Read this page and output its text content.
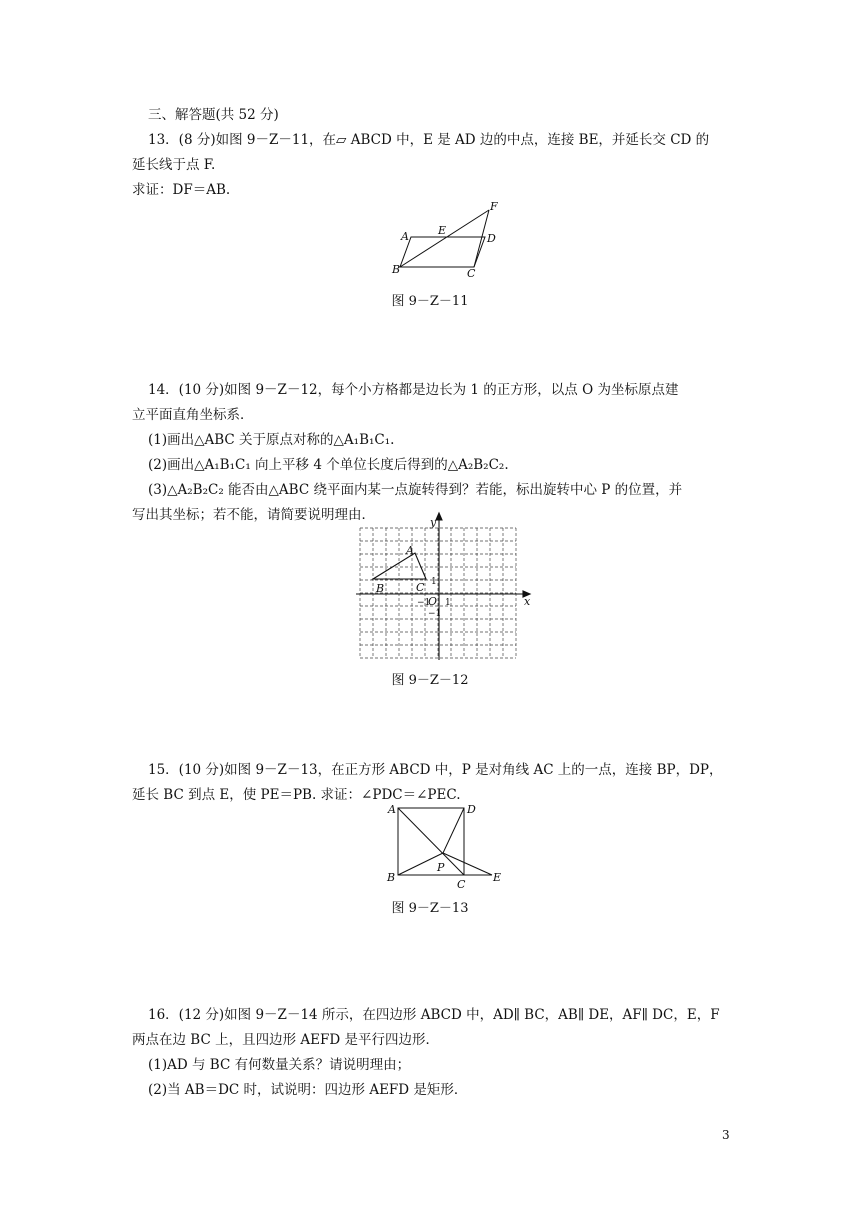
三、解答题(共 52 分)
13．(8 分)如图 9－Z－11，在▱ ABCD 中，E 是 AD 边的中点，连接 BE，并延长交 CD 的
延长线于点 F.
求证：DF＝AB.
A
B	C
D
E
F
图 9－Z－11
14．(10 分)如图 9－Z－12，每个小方格都是边长为 1 的正方形，以点 O 为坐标原点建
立平面直角坐标系．
(1)画出△ABC 关于原点对称的△A₁B₁C₁.
(2)画出△A₁B₁C₁ 向上平移 4 个单位长度后得到的△A₂B₂C₂.
(3)△A₂B₂C₂ 能否由△ABC 绕平面内某一点旋转得到？若能，标出旋转中心 P 的位置，并
写出其坐标；若不能，请简要说明理由．	y
x
A
B	C
O 1
1
−1
−1
图 9－Z－12
15．(10 分)如图 9－Z－13，在正方形 ABCD 中，P 是对角线 AC 上的一点，连接 BP，DP，
延长 BC 到点 E，使 PE＝PB. 求证：∠PDC＝∠PEC.
A	D
B
C
P
E
图 9－Z－13
16．(12 分)如图 9－Z－14 所示，在四边形 ABCD 中，AD∥ BC，AB∥ DE，AF∥ DC，E，F
两点在边 BC 上，且四边形 AEFD 是平行四边形．
(1)AD 与 BC 有何数量关系？请说明理由；
(2)当 AB＝DC 时，试说明：四边形 AEFD 是矩形．
3
